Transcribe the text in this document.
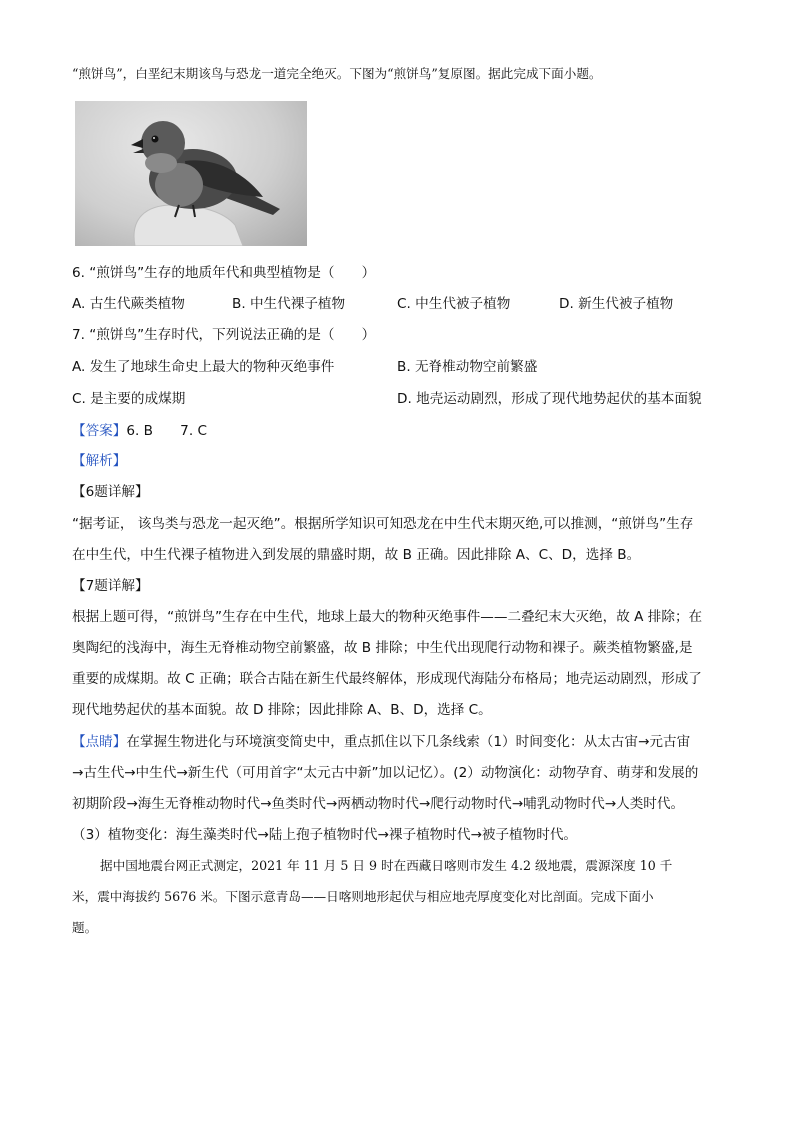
“煎饼鸟”，白垩纪末期该鸟与恐龙一道完全绝灭。下图为“煎饼鸟”复原图。据此完成下面小题。
6. “煎饼鸟”生存的地质年代和典型植物是（　　）
A. 古生代蕨类植物	B. 中生代裸子植物	C. 中生代被子植物	D. 新生代被子植物
7. “煎饼鸟”生存时代，下列说法正确的是（　　）
A. 发生了地球生命史上最大的物种灭绝事件	B. 无脊椎动物空前繁盛
C. 是主要的成煤期	D. 地壳运动剧烈，形成了现代地势起伏的基本面貌
【答案】6. B　　7. C
【解析】
【6题详解】
“据考证， 该鸟类与恐龙一起灭绝”。根据所学知识可知恐龙在中生代末期灭绝,可以推测，“煎饼鸟”生存
在中生代，中生代裸子植物进入到发展的鼎盛时期，故 B 正确。因此排除 A、C、D，选择 B。
【7题详解】
根据上题可得，“煎饼鸟”生存在中生代，地球上最大的物种灭绝事件——二叠纪末大灭绝，故 A 排除；在
奥陶纪的浅海中，海生无脊椎动物空前繁盛，故 B 排除；中生代出现爬行动物和裸子。蕨类植物繁盛,是
重要的成煤期。故 C 正确；联合古陆在新生代最终解体，形成现代海陆分布格局；地壳运动剧烈，形成了
现代地势起伏的基本面貌。故 D 排除；因此排除 A、B、D，选择 C。
【点睛】在掌握生物进化与环境演变简史中，重点抓住以下几条线索（1）时间变化：从太古宙→元古宙
→古生代→中生代→新生代（可用首字“太元古中新”加以记忆）。(2）动物演化：动物孕育、萌芽和发展的
初期阶段→海生无脊椎动物时代→鱼类时代→两栖动物时代→爬行动物时代→哺乳动物时代→人类时代。
（3）植物变化：海生藻类时代→陆上孢子植物时代→裸子植物时代→被子植物时代。
据中国地震台网正式测定，2021 年 11 月 5 日 9 时在西藏日喀则市发生 4.2 级地震，震源深度 10 千
米，震中海拔约 5676 米。下图示意青岛——日喀则地形起伏与相应地壳厚度变化对比剖面。完成下面小
题。
